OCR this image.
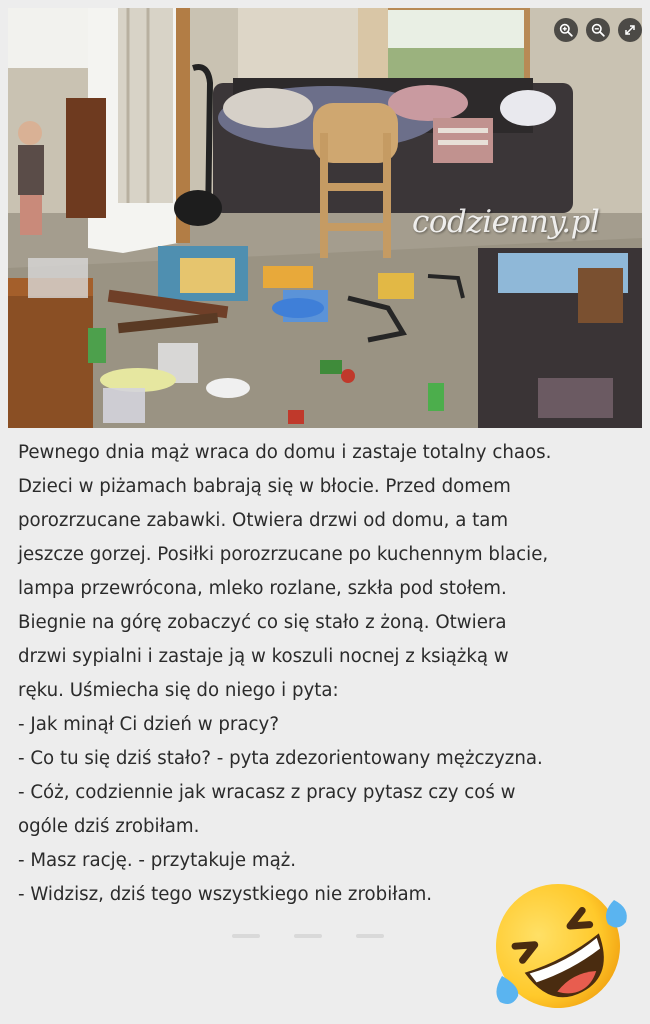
codzienny.pl

Pewnego dnia mąż wraca do domu i zastaje totalny chaos.

Dzieci w piżamach babrają się w błocie. Przed domem

porozrzucane zabawki. Otwiera drzwi od domu, a tam

jeszcze gorzej. Posiłki porozrzucane po kuchennym blacie,

lampa przewrócona, mleko rozlane, szkła pod stołem.

Biegnie na górę zobaczyć co się stało z żoną. Otwiera

drzwi sypialni i zastaje ją w koszuli nocnej z książką w

ręku. Uśmiecha się do niego i pyta:

- Jak minął Ci dzień w pracy?

- Co tu się dziś stało? - pyta zdezorientowany mężczyzna.

- Cóż, codziennie jak wracasz z pracy pytasz czy coś w

ogóle dziś zrobiłam.

- Masz rację. - przytakuje mąż.

- Widzisz, dziś tego wszystkiego nie zrobiłam.
